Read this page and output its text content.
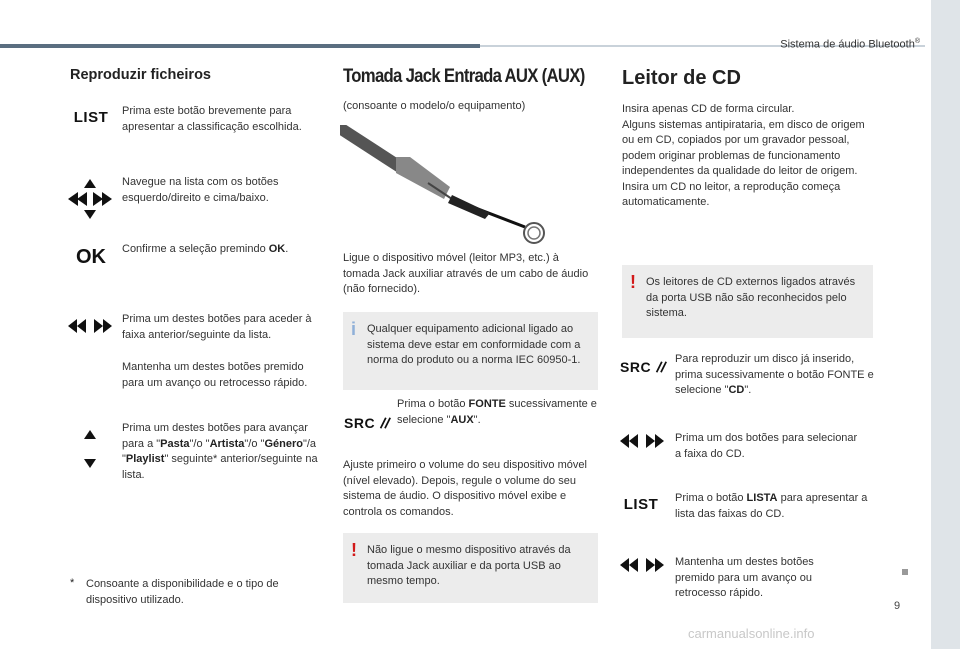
Sistema de áudio Bluetooth®
9
carmanualsonline.info
Reproduzir ficheiros
LIST	Prima este botão brevemente para apresentar a classificação escolhida.
Navegue na lista com os botões esquerdo/direito e cima/baixo.
OK	Confirme a seleção premindo OK.
Prima um destes botões para aceder à faixa anterior/seguinte da lista.
Mantenha um destes botões premido para um avanço ou retrocesso rápido.
Prima um destes botões para avançar para a "Pasta"/o "Artista"/o "Género"/a "Playlist" seguinte* anterior/seguinte na lista.
* Consoante a disponibilidade e o tipo de dispositivo utilizado.
Tomada Jack Entrada AUX (AUX)
(consoante o modelo/o equipamento)
Ligue o dispositivo móvel (leitor MP3, etc.) à tomada Jack auxiliar através de um cabo de áudio (não fornecido).
i Qualquer equipamento adicional ligado ao sistema deve estar em conformidade com a norma do produto ou a norma IEC 60950-1.
SRC
Prima o botão FONTE sucessivamente e selecione "AUX".
Ajuste primeiro o volume do seu dispositivo móvel (nível elevado). Depois, regule o volume do seu sistema de áudio. O dispositivo móvel exibe e controla os comandos.
! Não ligue o mesmo dispositivo através da tomada Jack auxiliar e da porta USB ao mesmo tempo.
Leitor de CD
Insira apenas CD de forma circular.
Alguns sistemas antipirataria, em disco de origem ou em CD, copiados por um gravador pessoal, podem originar problemas de funcionamento independentes da qualidade do leitor de origem.
Insira um CD no leitor, a reprodução começa automaticamente.
! Os leitores de CD externos ligados através da porta USB não são reconhecidos pelo sistema.
SRC Para reproduzir um disco já inserido, prima sucessivamente o botão FONTE e selecione "CD".
Prima um dos botões para selecionar a faixa do CD.
LIST	Prima o botão LISTA para apresentar a lista das faixas do CD.
Mantenha um destes botões premido para um avanço ou retrocesso rápido.
